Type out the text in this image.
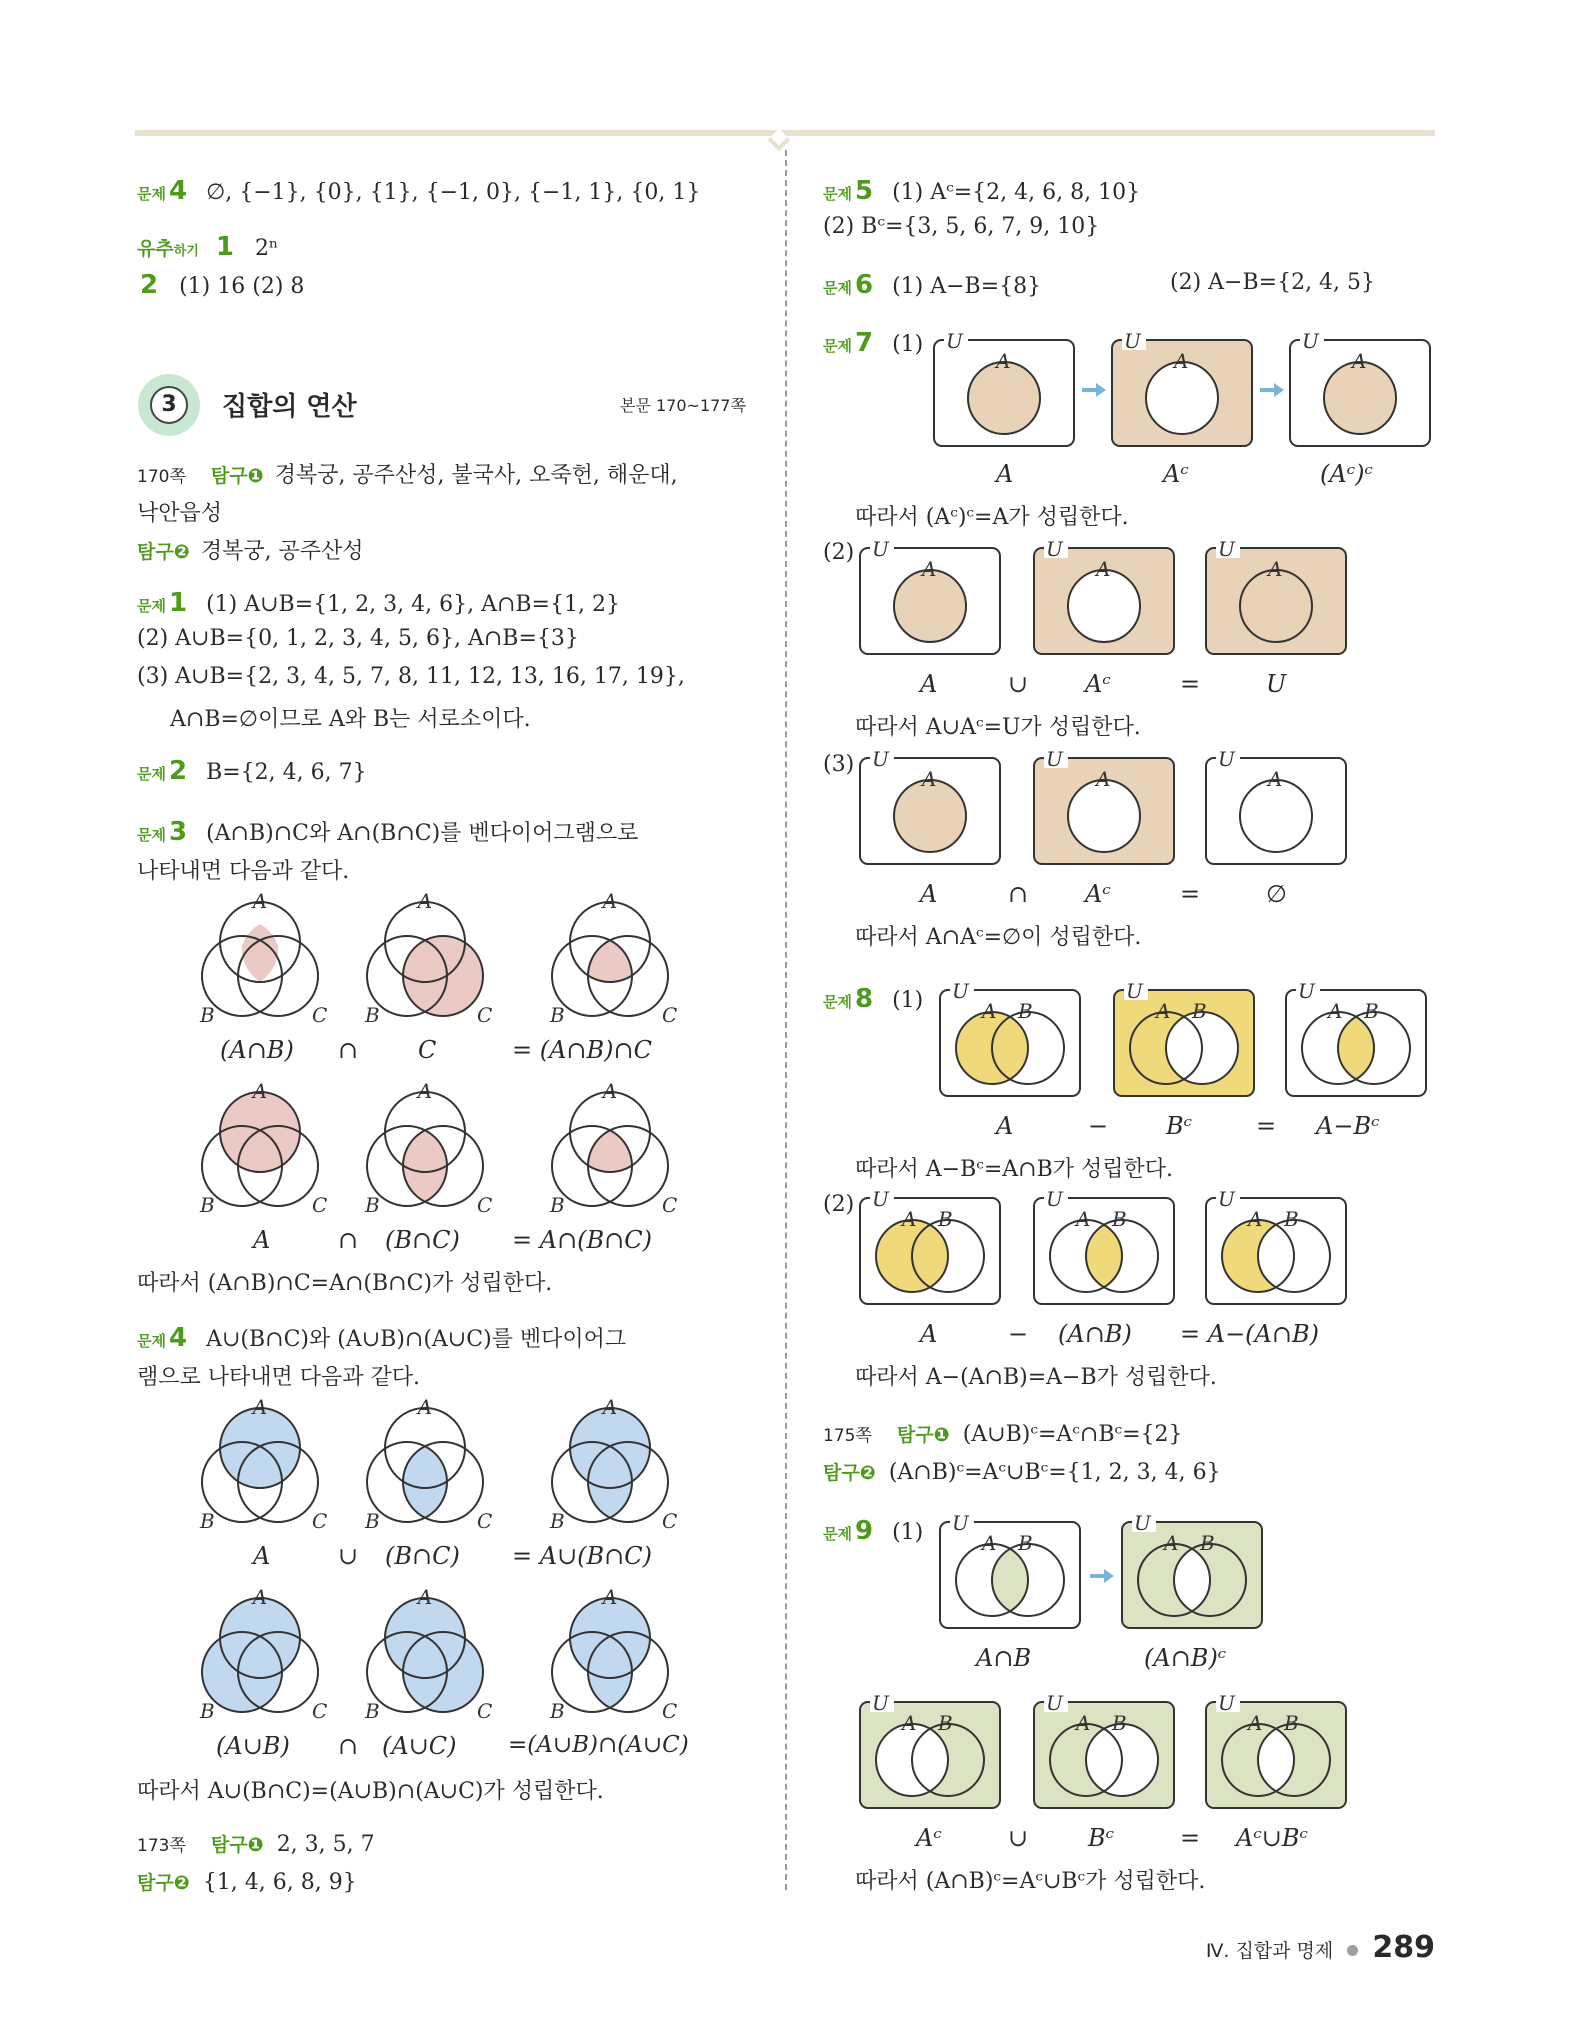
문제 4 ∅, {−1}, {0}, {1}, {−1, 0}, {−1, 1}, {0, 1}
유추하기 1 2ⁿ
2 (1) 16 (2) 8
3	집합의 연산	본문 170~177쪽
170쪽 탐구❶ 경복궁, 공주산성, 불국사, 오죽헌, 해운대,
낙안읍성
탐구❷ 경복궁, 공주산성
문제 1 (1) A∪B={1, 2, 3, 4, 6}, A∩B={1, 2}
(2) A∪B={0, 1, 2, 3, 4, 5, 6}, A∩B={3}
(3) A∪B={2, 3, 4, 5, 7, 8, 11, 12, 13, 16, 17, 19},
A∩B=∅이므로 A와 B는 서로소이다.
문제 2 B={2, 4, 6, 7}
문제 3 (A∩B)∩C와 A∩(B∩C)를 벤다이어그램으로
나타내면 다음과 같다.
A
B	C
A
B	C
A
B	C
(A∩B) ∩ C	= (A∩B)∩C
A
B	C
A
B	C
A
B	C
A	∩ (B∩C) = A∩(B∩C)
따라서 (A∩B)∩C=A∩(B∩C)가 성립한다.
문제 4 A∪(B∩C)와 (A∪B)∩(A∪C)를 벤다이어그
램으로 나타내면 다음과 같다.
A
B	C
A
B	C
A
B	C
A	∪ (B∩C) = A∪(B∩C)
A
B	C
A
B	C
A
B	C
(A∪B) ∩ (A∪C) =(A∪B)∩(A∪C)
따라서 A∪(B∩C)=(A∪B)∩(A∪C)가 성립한다.
173쪽 탐구❶ 2, 3, 5, 7
탐구❷ {1, 4, 6, 8, 9}
문제 5 (1) Aᶜ={2, 4, 6, 8, 10}
(2) Bᶜ={3, 5, 6, 7, 9, 10}
문제 6 (1) A−B={8}	(2) A−B={2, 4, 5}
문제 7 (1) U
A
U
A
U
A
A	Aᶜ	(Aᶜ)ᶜ
따라서 (Aᶜ)ᶜ=A가 성립한다.
(2) U
A
U
A
U
A
A	∪ Aᶜ	=	U
따라서 A∪Aᶜ=U가 성립한다.
(3) U
A
U
A
U
A
A	∩ Aᶜ	=	∅
따라서 A∩Aᶜ=∅이 성립한다.
문제 8 (1) U
A B
U
A B
U
A B
A	− Bᶜ	= A−Bᶜ
따라서 A−Bᶜ=A∩B가 성립한다.
(2) U
A B
U
A B
U
A B
A	− (A∩B) = A−(A∩B)
따라서 A−(A∩B)=A−B가 성립한다.
175쪽 탐구❶ (A∪B)ᶜ=Aᶜ∩Bᶜ={2}
탐구❷ (A∩B)ᶜ=Aᶜ∪Bᶜ={1, 2, 3, 4, 6}
문제 9 (1) U
A B
U
A B
A∩B	(A∩B)ᶜ
U
A B
U
A B
U
A B
Aᶜ	∪ Bᶜ	= Aᶜ∪Bᶜ
따라서 (A∩B)ᶜ=Aᶜ∪Bᶜ가 성립한다.
Ⅳ. 집합과 명제 289
